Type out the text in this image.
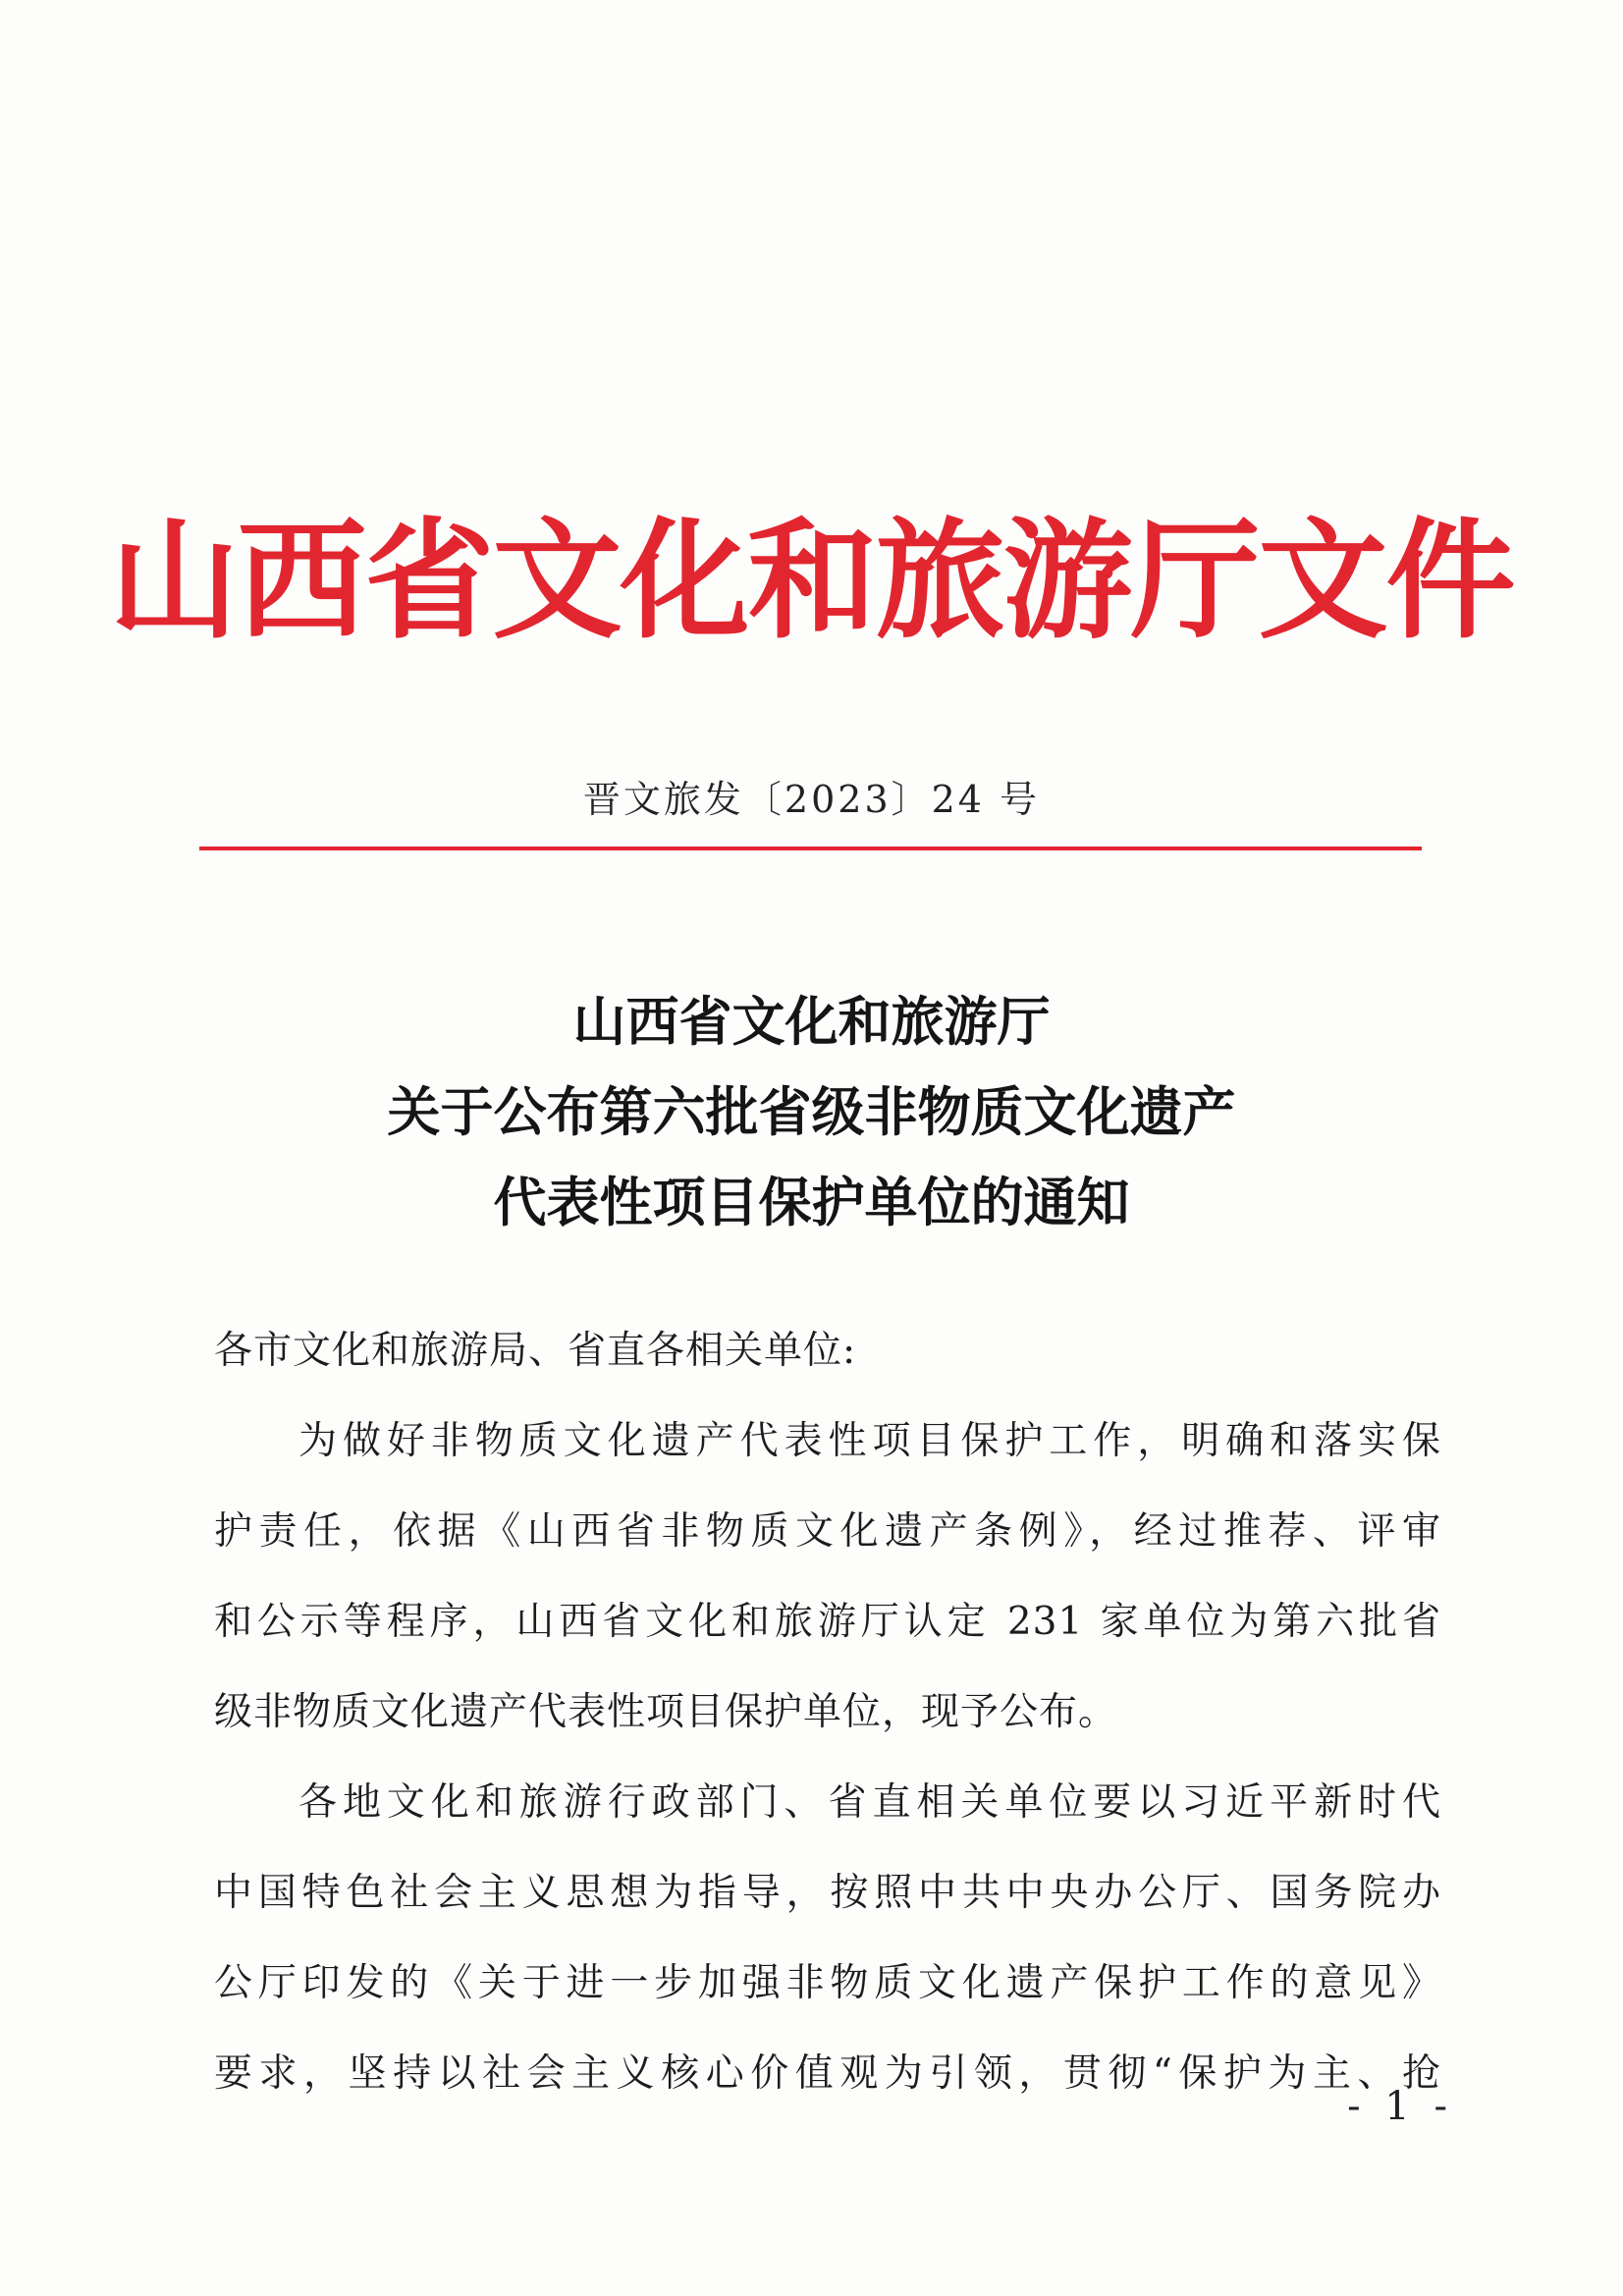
山西省文化和旅游厅文件
晋文旅发〔2023〕24 号
山西省文化和旅游厅
关于公布第六批省级非物质文化遗产
代表性项目保护单位的通知
各市文化和旅游局、省直各相关单位:
为做好非物质文化遗产代表性项目保护工作，明确和落实保
护责任，依据《山西省非物质文化遗产条例》，经过推荐、评审
和公示等程序，山西省文化和旅游厅认定 231 家单位为第六批省
级非物质文化遗产代表性项目保护单位，现予公布。
各地文化和旅游行政部门、省直相关单位要以习近平新时代
中国特色社会主义思想为指导，按照中共中央办公厅、国务院办
公厅印发的《关于进一步加强非物质文化遗产保护工作的意见》
要求，坚持以社会主义核心价值观为引领，贯彻“保护为主、抢
- 1 -
